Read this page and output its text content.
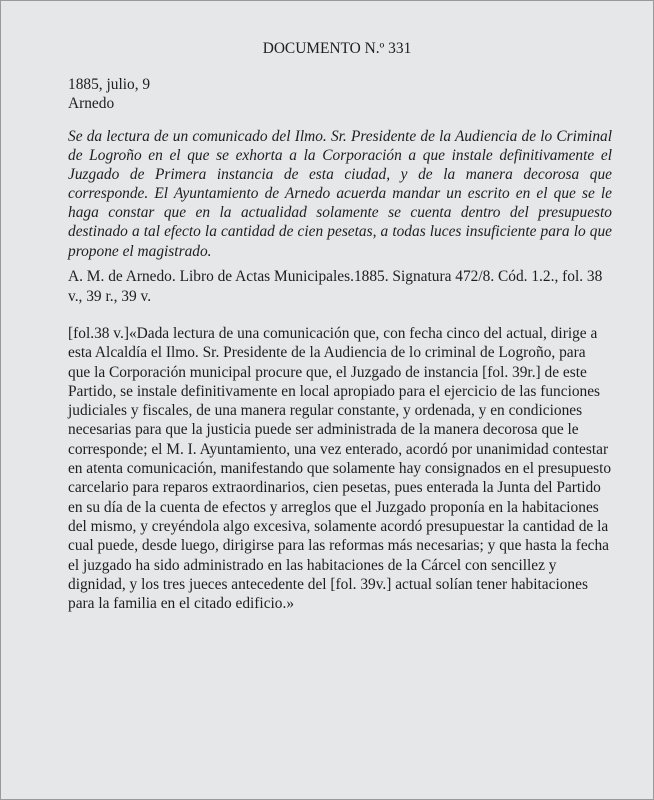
DOCUMENTO N.º 331
1885, julio, 9
Arnedo
Se da lectura de un comunicado del Ilmo. Sr. Presidente de la Audiencia de lo Criminal
de Logroño en el que se exhorta a la Corporación a que instale definitivamente el
Juzgado de Primera instancia de esta ciudad, y de la manera decorosa que
corresponde. El Ayuntamiento de Arnedo acuerda mandar un escrito en el que se le
haga constar que en la actualidad solamente se cuenta dentro del presupuesto
destinado a tal efecto la cantidad de cien pesetas, a todas luces insuficiente para lo que
propone el magistrado.
A. M. de Arnedo. Libro de Actas Municipales.1885. Signatura 472/8. Cód. 1.2., fol. 38
v., 39 r., 39 v.
[fol.38 v.]«Dada lectura de una comunicación que, con fecha cinco del actual, dirige a
esta Alcaldía el Ilmo. Sr. Presidente de la Audiencia de lo criminal de Logroño, para
que la Corporación municipal procure que, el Juzgado de instancia [fol. 39r.] de este
Partido, se instale definitivamente en local apropiado para el ejercicio de las funciones
judiciales y fiscales, de una manera regular constante, y ordenada, y en condiciones
necesarias para que la justicia puede ser administrada de la manera decorosa que le
corresponde; el M. I. Ayuntamiento, una vez enterado, acordó por unanimidad contestar
en atenta comunicación, manifestando que solamente hay consignados en el presupuesto
carcelario para reparos extraordinarios, cien pesetas, pues enterada la Junta del Partido
en su día de la cuenta de efectos y arreglos que el Juzgado proponía en la habitaciones
del mismo, y creyéndola algo excesiva, solamente acordó presupuestar la cantidad de la
cual puede, desde luego, dirigirse para las reformas más necesarias; y que hasta la fecha
el juzgado ha sido administrado en las habitaciones de la Cárcel con sencillez y
dignidad, y los tres jueces antecedente del [fol. 39v.] actual solían tener habitaciones
para la familia en el citado edificio.»
